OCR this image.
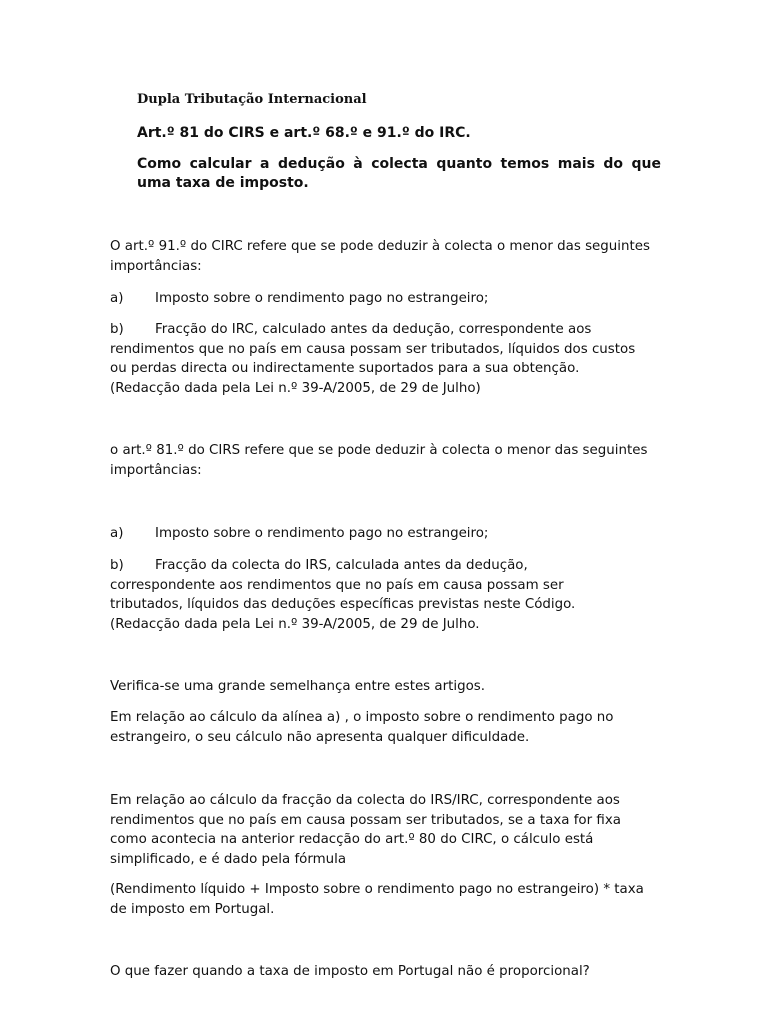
Dupla Tributação Internacional
Art.º 81 do CIRS e art.º 68.º e 91.º do IRC.
Como calcular a dedução à colecta quanto temos mais do que uma taxa de imposto.
O art.º 91.º do CIRC refere que se pode deduzir à colecta o menor das seguintes importâncias:
a) Imposto sobre o rendimento pago no estrangeiro;
b) Fracção do IRC, calculado antes da dedução, correspondente aos rendimentos que no país em causa possam ser tributados, líquidos dos custos ou perdas directa ou indirectamente suportados para a sua obtenção. (Redacção dada pela Lei n.º 39-A/2005, de 29 de Julho)
o art.º 81.º do CIRS refere que se pode deduzir à colecta o menor das seguintes importâncias:
a) Imposto sobre o rendimento pago no estrangeiro;
b) Fracção da colecta do IRS, calculada antes da dedução, correspondente aos rendimentos que no país em causa possam ser tributados, líquidos das deduções específicas previstas neste Código. (Redacção dada pela Lei n.º 39-A/2005, de 29 de Julho.
Verifica-se uma grande semelhança entre estes artigos.
Em relação ao cálculo da alínea a) , o imposto sobre o rendimento pago no estrangeiro, o seu cálculo não apresenta qualquer dificuldade.
Em relação ao cálculo da fracção da colecta do IRS/IRC, correspondente aos rendimentos que no país em causa possam ser tributados, se a taxa for fixa como acontecia na anterior redacção do art.º 80 do CIRC, o cálculo está simplificado, e é dado pela fórmula
(Rendimento líquido + Imposto sobre o rendimento pago no estrangeiro) * taxa de imposto em Portugal.
O que fazer quando a taxa de imposto em Portugal não é proporcional?
